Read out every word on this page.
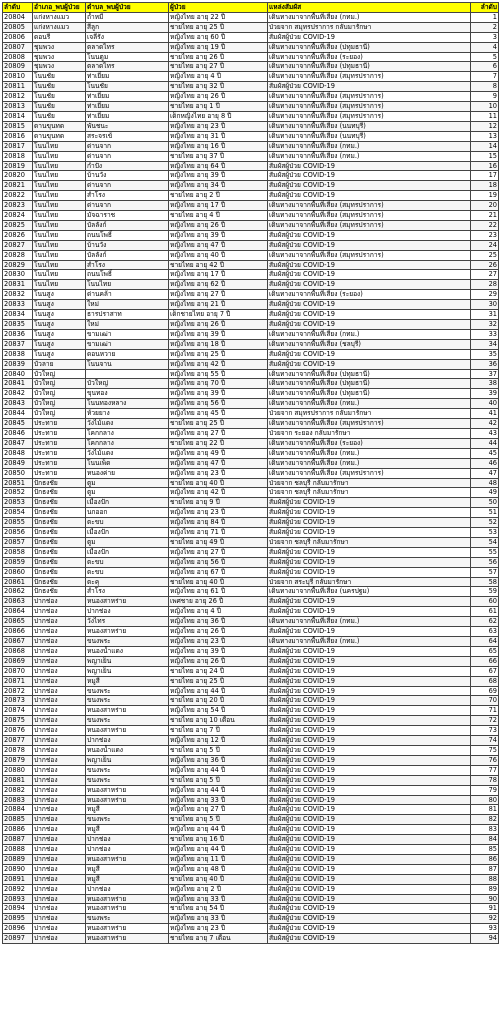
ลำดับ	อำเภอ_พบผู้ป่วย	ตำบล_พบผู้ป่วย	ผู้ป่วย	แหล่งสัมผัส	ลำดับ
20804	แก่งหางแมว	ถ้ำหมี	หญิงไทย อายุ 22 ปี	เดินทางมาจากพื้นที่เสี่ยง (กทม.)	1
20805	แก่งหางแมว	สีลูก	ชายไทย อายุ 25 ปี	ป่วยจาก สมุทรปราการ กลับมารักษา	2
20806	ดอนรี	เจลีรัง	หญิงไทย อายุ 60 ปี	สัมผัสผู้ป่วย COVID-19	3
20807	ชุมพวง	ตลาดไทร	หญิงไทย อายุ 19 ปี	เดินทางมาจากพื้นที่เสี่ยง (ปทุมธานี)	4
20808	ชุมพวง	โนนตูม	ชายไทย อายุ 26 ปี	เดินทางมาจากพื้นที่เสี่ยง (ระยอง)	5
20809	ชุมพวง	ตลาดไทร	ชายไทย อายุ 27 ปี	เดินทางมาจากพื้นที่เสี่ยง (ปทุมธานี)	6
20810	โนนชัย	ท่าเยี่ยม	หญิงไทย อายุ 4 ปี	เดินทางมาจากพื้นที่เสี่ยง (สมุทรปราการ)	7
20811	โนนชัย	โนนชัย	ชายไทย อายุ 32 ปี	สัมผัสผู้ป่วย COVID-19	8
20812	โนนชัย	ท่าเยี่ยม	หญิงไทย อายุ 26 ปี	เดินทางมาจากพื้นที่เสี่ยง (สมุทรปราการ)	9
20813	โนนชัย	ท่าเยี่ยม	ชายไทย อายุ 1 ปี	เดินทางมาจากพื้นที่เสี่ยง (สมุทรปราการ)	10
20814	โนนชัย	ท่าเยี่ยม	เด็กหญิงไทย อายุ 8 ปี	เดินทางมาจากพื้นที่เสี่ยง (สมุทรปราการ)	11
20815	ดานขุนทด	พันชนะ	หญิงไทย อายุ 23 ปี	เดินทางมาจากพื้นที่เสี่ยง (นนทบุรี)	12
20816	ดานขุนทด	สระจรเข้	หญิงไทย อายุ 31 ปี	เดินทางมาจากพื้นที่เสี่ยง (นนทบุรี)	13
20817	โนนไทย	ด่านจาก	หญิงไทย อายุ 16 ปี	เดินทางมาจากพื้นที่เสี่ยง (กทม.)	14
20818	โนนไทย	ด่านจาก	ชายไทย อายุ 37 ปี	เดินทางมาจากพื้นที่เสี่ยง (กทม.)	15
20819	โนนไทย	กำปัง	หญิงไทย อายุ 64 ปี	สัมผัสผู้ป่วย COVID-19	16
20820	โนนไทย	บ้านวัง	หญิงไทย อายุ 39 ปี	สัมผัสผู้ป่วย COVID-19	17
20821	โนนไทย	ด่านจาก	หญิงไทย อายุ 34 ปี	สัมผัสผู้ป่วย COVID-19	18
20822	โนนไทย	สำโรง	ชายไทย อายุ 2 ปี	สัมผัสผู้ป่วย COVID-19	19
20823	โนนไทย	ด่านจาก	หญิงไทย อายุ 17 ปี	เดินทางมาจากพื้นที่เสี่ยง (สมุทรปราการ)	20
20824	โนนไทย	มัจฉาราช	ชายไทย อายุ 4 ปี	เดินทางมาจากพื้นที่เสี่ยง (สมุทรปราการ)	21
20825	โนนไทย	บัลลังก์	หญิงไทย อายุ 26 ปี	เดินทางมาจากพื้นที่เสี่ยง (สมุทรปราการ)	22
20826	โนนไทย	ถนนโพธิ์	หญิงไทย อายุ 39 ปี	สัมผัสผู้ป่วย COVID-19	23
20827	โนนไทย	บ้านวัง	หญิงไทย อายุ 47 ปี	สัมผัสผู้ป่วย COVID-19	24
20828	โนนไทย	บัลลังก์	หญิงไทย อายุ 40 ปี	เดินทางมาจากพื้นที่เสี่ยง (สมุทรปราการ)	25
20829	โนนไทย	สำโรง	ชายไทย อายุ 42 ปี	สัมผัสผู้ป่วย COVID-19	26
20830	โนนไทย	ถนนโพธิ์	หญิงไทย อายุ 17 ปี	สัมผัสผู้ป่วย COVID-19	27
20831	โนนไทย	โนนไทย	หญิงไทย อายุ 62 ปี	สัมผัสผู้ป่วย COVID-19	28
20832	โนนสูง	ด่านคล้า	หญิงไทย อายุ 27 ปี	เดินทางมาจากพื้นที่เสี่ยง (ระยอง)	29
20833	โนนสูง	ใหม่	หญิงไทย อายุ 21 ปี	สัมผัสผู้ป่วย COVID-19	30
20834	โนนสูง	ธารปราสาท	เด็กชายไทย อายุ 7 ปี	สัมผัสผู้ป่วย COVID-19	31
20835	โนนสูง	ใหม่	หญิงไทย อายุ 26 ปี	สัมผัสผู้ป่วย COVID-19	32
20836	โนนสูง	ขามเฒ่า	หญิงไทย อายุ 39 ปี	เดินทางมาจากพื้นที่เสี่ยง (กทม.)	33
20837	โนนสูง	ขามเฒ่า	หญิงไทย อายุ 18 ปี	เดินทางมาจากพื้นที่เสี่ยง (ชลบุรี)	34
20838	โนนสูง	ดอนหวาย	หญิงไทย อายุ 25 ปี	สัมผัสผู้ป่วย COVID-19	35
20839	บัวลาย	โนนจาน	หญิงไทย อายุ 42 ปี	สัมผัสผู้ป่วย COVID-19	36
20840	บัวใหญ่		หญิงไทย อายุ 55 ปี	เดินทางมาจากพื้นที่เสี่ยง (ปทุมธานี)	37
20841	บัวใหญ่	บัวใหญ่	หญิงไทย อายุ 70 ปี	เดินทางมาจากพื้นที่เสี่ยง (ปทุมธานี)	38
20842	บัวใหญ่	ขุนทอง	หญิงไทย อายุ 39 ปี	เดินทางมาจากพื้นที่เสี่ยง (ปทุมธานี)	39
20843	บัวใหญ่	โนนทองหลาง	หญิงไทย อายุ 56 ปี	เดินทางมาจากพื้นที่เสี่ยง (กทม.)	40
20844	บัวใหญ่	ห้วยยาง	หญิงไทย อายุ 45 ปี	ป่วยจาก สมุทรปราการ กลับมารักษา	41
20845	ประทาย	วังไม้แดง	ชายไทย อายุ 25 ปี	เดินทางมาจากพื้นที่เสี่ยง (สมุทรปราการ)	42
20846	ประทาย	โคกกลาง	หญิงไทย อายุ 27 ปี	ป่วยจาก ระยอง กลับมารักษา	43
20847	ประทาย	โคกกลาง	ชายไทย อายุ 22 ปี	เดินทางมาจากพื้นที่เสี่ยง (ระยอง)	44
20848	ประทาย	วังไม้แดง	หญิงไทย อายุ 49 ปี	เดินทางมาจากพื้นที่เสี่ยง (กทม.)	45
20849	ประทาย	โนนเพ็ด	หญิงไทย อายุ 47 ปี	เดินทางมาจากพื้นที่เสี่ยง (กทม.)	46
20850	ประทาย	หนองค่าย	หญิงไทย อายุ 23 ปี	เดินทางมาจากพื้นที่เสี่ยง (สมุทรปราการ)	47
20851	ปักธงชัย	ตูม	ชายไทย อายุ 40 ปี	ป่วยจาก ชลบุรี กลับมารักษา	48
20852	ปักธงชัย	ตูม	หญิงไทย อายุ 42 ปี	ป่วยจาก ชลบุรี กลับมารักษา	49
20853	ปักธงชัย	เมืองปัก	ชายไทย อายุ 9 ปี	สัมผัสผู้ป่วย COVID-19	50
20854	ปักธงชัย	นกออก	หญิงไทย อายุ 23 ปี	สัมผัสผู้ป่วย COVID-19	51
20855	ปักธงชัย	ตะขบ	หญิงไทย อายุ 84 ปี	สัมผัสผู้ป่วย COVID-19	52
20856	ปักธงชัย	เมืองปัก	หญิงไทย อายุ 71 ปี	สัมผัสผู้ป่วย COVID-19	53
20857	ปักธงชัย	ตูม	ชายไทย อายุ 49 ปี	ป่วยจาก ชลบุรี กลับมารักษา	54
20858	ปักธงชัย	เมืองปัก	หญิงไทย อายุ 27 ปี	สัมผัสผู้ป่วย COVID-19	55
20859	ปักธงชัย	ตะขบ	หญิงไทย อายุ 56 ปี	สัมผัสผู้ป่วย COVID-19	56
20860	ปักธงชัย	ตะขบ	หญิงไทย อายุ 67 ปี	สัมผัสผู้ป่วย COVID-19	57
20861	ปักธงชัย	ตะคุ	ชายไทย อายุ 40 ปี	ป่วยจาก สระบุรี กลับมารักษา	58
20862	ปักธงชัย	สำโรง	หญิงไทย อายุ 61 ปี	เดินทางมาจากพื้นที่เสี่ยง (นครปฐม)	59
20863	ปากช่อง	หนองสาหร่าย	เพศชาย อายุ 26 ปี	สัมผัสผู้ป่วย COVID-19	60
20864	ปากช่อง	ปากช่อง	หญิงไทย อายุ 4 ปี	สัมผัสผู้ป่วย COVID-19	61
20865	ปากช่อง	วังไทร	หญิงไทย อายุ 36 ปี	เดินทางมาจากพื้นที่เสี่ยง (กทม.)	62
20866	ปากช่อง	หนองสาหร่าย	หญิงไทย อายุ 26 ปี	สัมผัสผู้ป่วย COVID-19	63
20867	ปากช่อง	ขนงพระ	หญิงไทย อายุ 23 ปี	เดินทางมาจากพื้นที่เสี่ยง (กทม.)	64
20868	ปากช่อง	หนองน้ำแดง	หญิงไทย อายุ 39 ปี	สัมผัสผู้ป่วย COVID-19	65
20869	ปากช่อง	พญาเย็น	หญิงไทย อายุ 26 ปี	สัมผัสผู้ป่วย COVID-19	66
20870	ปากช่อง	พญาเย็น	ชายไทย อายุ 24 ปี	สัมผัสผู้ป่วย COVID-19	67
20871	ปากช่อง	หมูสี	ชายไทย อายุ 25 ปี	สัมผัสผู้ป่วย COVID-19	68
20872	ปากช่อง	ขนงพระ	หญิงไทย อายุ 44 ปี	สัมผัสผู้ป่วย COVID-19	69
20873	ปากช่อง	ขนงพระ	ชายไทย อายุ 20 ปี	สัมผัสผู้ป่วย COVID-19	70
20874	ปากช่อง	หนองสาหร่าย	หญิงไทย อายุ 54 ปี	สัมผัสผู้ป่วย COVID-19	71
20875	ปากช่อง	ขนงพระ	ชายไทย อายุ 10 เดือน	สัมผัสผู้ป่วย COVID-19	72
20876	ปากช่อง	หนองสาหร่าย	ชายไทย อายุ 7 ปี	สัมผัสผู้ป่วย COVID-19	73
20877	ปากช่อง	ปากช่อง	หญิงไทย อายุ 12 ปี	สัมผัสผู้ป่วย COVID-19	74
20878	ปากช่อง	หนองน้ำแดง	ชายไทย อายุ 5 ปี	สัมผัสผู้ป่วย COVID-19	75
20879	ปากช่อง	พญาเย็น	หญิงไทย อายุ 36 ปี	สัมผัสผู้ป่วย COVID-19	76
20880	ปากช่อง	ขนงพระ	หญิงไทย อายุ 44 ปี	สัมผัสผู้ป่วย COVID-19	77
20881	ปากช่อง	ขนงพระ	ชายไทย อายุ 5 ปี	สัมผัสผู้ป่วย COVID-19	78
20882	ปากช่อง	หนองสาหร่าย	หญิงไทย อายุ 44 ปี	สัมผัสผู้ป่วย COVID-19	79
20883	ปากช่อง	หนองสาหร่าย	หญิงไทย อายุ 33 ปี	สัมผัสผู้ป่วย COVID-19	80
20884	ปากช่อง	หมูสี	หญิงไทย อายุ 27 ปี	สัมผัสผู้ป่วย COVID-19	81
20885	ปากช่อง	ขนงพระ	ชายไทย อายุ 5 ปี	สัมผัสผู้ป่วย COVID-19	82
20886	ปากช่อง	หมูสี	หญิงไทย อายุ 44 ปี	สัมผัสผู้ป่วย COVID-19	83
20887	ปากช่อง	ปากช่อง	ชายไทย อายุ 16 ปี	สัมผัสผู้ป่วย COVID-19	84
20888	ปากช่อง	ปากช่อง	หญิงไทย อายุ 44 ปี	สัมผัสผู้ป่วย COVID-19	85
20889	ปากช่อง	หนองสาหร่าย	หญิงไทย อายุ 11 ปี	สัมผัสผู้ป่วย COVID-19	86
20890	ปากช่อง	หมูสี	หญิงไทย อายุ 48 ปี	สัมผัสผู้ป่วย COVID-19	87
20891	ปากช่อง	หมูสี	ชายไทย อายุ 40 ปี	สัมผัสผู้ป่วย COVID-19	88
20892	ปากช่อง	ปากช่อง	หญิงไทย อายุ 2 ปี	สัมผัสผู้ป่วย COVID-19	89
20893	ปากช่อง	หนองสาหร่าย	หญิงไทย อายุ 33 ปี	สัมผัสผู้ป่วย COVID-19	90
20894	ปากช่อง	หนองสาหร่าย	ชายไทย อายุ 54 ปี	สัมผัสผู้ป่วย COVID-19	91
20895	ปากช่อง	ขนงพระ	หญิงไทย อายุ 33 ปี	สัมผัสผู้ป่วย COVID-19	92
20896	ปากช่อง	หนองสาหร่าย	หญิงไทย อายุ 23 ปี	สัมผัสผู้ป่วย COVID-19	93
20897	ปากช่อง	หนองสาหร่าย	ชายไทย อายุ 7 เดือน	สัมผัสผู้ป่วย COVID-19	94
